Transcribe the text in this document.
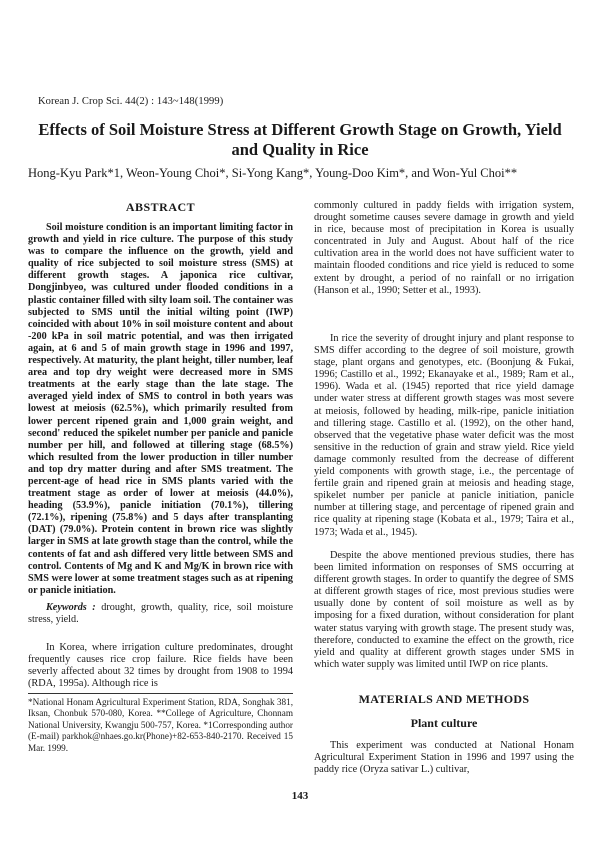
Korean J. Crop Sci. 44(2) : 143~148(1999)
Effects of Soil Moisture Stress at Different Growth Stage on Growth, Yield and Quality in Rice
Hong-Kyu Park*1, Weon-Young Choi*, Si-Yong Kang*, Young-Doo Kim*, and Won-Yul Choi**
ABSTRACT
Soil moisture condition is an important limiting factor in growth and yield in rice culture. The purpose of this study was to compare the influence on the growth, yield and quality of rice subjected to soil moisture stress (SMS) at different growth stages. A japonica rice cultivar, Dongjinbyeo, was cultured under flooded conditions in a plastic container filled with silty loam soil. The container was subjected to SMS until the initial wilting point (IWP) coincided with about 10% in soil moisture content and about -200 kPa in soil matric potential, and was then irrigated again, at 6 and 5 of main growth stage in 1996 and 1997, respectively. At maturity, the plant height, tiller number, leaf area and top dry weight were decreased more in SMS treatments at the early stage than the late stage. The averaged yield index of SMS to control in both years was lowest at meiosis (62.5%), which primarily resulted from lower percent ripened grain and 1,000 grain weight, and second' reduced the spikelet number per panicle and panicle number per hill, and followed at tillering stage (68.5%) which resulted from the lower production in tiller number and top dry matter during and after SMS treatment. The percent-age of head rice in SMS plants varied with the treatment stage as order of lower at meiosis (44.0%), heading (53.9%), panicle initiation (70.1%), tillering (72.1%), ripening (75.8%) and 5 days after transplanting (DAT) (79.0%). Protein content in brown rice was slightly larger in SMS at late growth stage than the control, while the contents of fat and ash differed very little between SMS and control. Contents of Mg and K and Mg/K in brown rice with SMS were lower at some treatment stages such as at ripening or panicle initiation.
Keywords : drought, growth, quality, rice, soil moisture stress, yield.
In Korea, where irrigation culture predominates, drought frequently causes rice crop failure. Rice fields have been severly affected about 32 times by drought from 1908 to 1994 (RDA, 1995a). Although rice is
*National Honam Agricultural Experiment Station, RDA, Songhak 381, Iksan, Chonbuk 570-080, Korea. **College of Agriculture, Chonnam National University, Kwangju 500-757, Korea. *1Corresponding author (E-mail) parkhok@nhaes.go.kr(Phone)+82-653-840-2170. Received 15 Mar. 1999.
commonly cultured in paddy fields with irrigation system, drought sometime causes severe damage in growth and yield in rice, because most of precipitation in Korea is usually concentrated in July and August. About half of the rice cultivation area in the world does not have sufficient water to maintain flooded conditions and rice yield is reduced to some extent by drought, a period of no rainfall or no irrigation (Hanson et al., 1990; Setter et al., 1993).
In rice the severity of drought injury and plant response to SMS differ according to the degree of soil moisture, growth stage, plant organs and genotypes, etc. (Boonjung & Fukai, 1996; Castillo et al., 1992; Ekanayake et al., 1989; Ram et al., 1996). Wada et al. (1945) reported that rice yield damage under water stress at different growth stages was most severe at meiosis, followed by heading, milk-ripe, panicle initiation and tillering stage. Castillo et al. (1992), on the other hand, observed that the vegetative phase water deficit was the most sensitive in the reduction of grain and straw yield. Rice yield damage commonly resulted from the decrease of different yield components with growth stage, i.e., the percentage of fertile grain and ripened grain at meiosis and heading stage, spikelet number per panicle at panicle initiation, panicle number at tillering stage, and percentage of ripened grain and rice quality at ripening stage (Kobata et al., 1979; Taira et al., 1973; Wada et al., 1945).
Despite the above mentioned previous studies, there has been limited information on responses of SMS occurring at different growth stages. In order to quantify the degree of SMS at different growth stages of rice, most previous studies were usually done by content of soil moisture as well as by imposing for a fixed duration, without consideration for plant water status varying with growth stage. The present study was, therefore, conducted to examine the effect on the growth, rice yield and quality at different growth stages under SMS in which water supply was limited until IWP on rice plants.
MATERIALS AND METHODS
Plant culture
This experiment was conducted at National Honam Agricultural Experiment Station in 1996 and 1997 using the paddy rice (Oryza sativar L.) cultivar,
143
